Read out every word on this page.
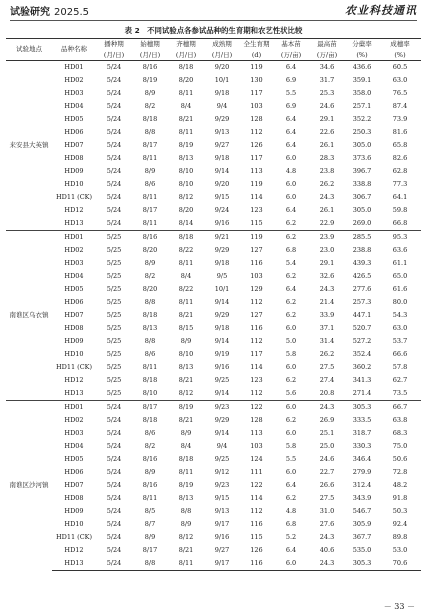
试验研究 2025.5	农业科技通讯
表 2　不同试验点各参试品种的生育期和农艺性状比较
试验地点	品种名称	播种期	始穗期	齐穗期	成熟期	全生育期	基本苗	最高苗	分蘖率	成穗率
		(月/日)	(月/日)	(月/日)	(月/日)	(d)	(万/亩)	(万/亩)	(%)	(%)
来安县大英镇	HD01	5/24	8/16	8/18	9/20	119	6.4	34.6	436.6	60.5
	HD02	5/24	8/19	8/20	10/1	130	6.9	31.7	359.1	63.0
	HD03	5/24	8/9	8/11	9/18	117	5.5	25.3	358.0	76.5
	HD04	5/24	8/2	8/4	9/4	103	6.9	24.6	257.1	87.4
	HD05	5/24	8/18	8/21	9/29	128	6.4	29.1	352.2	73.9
	HD06	5/24	8/8	8/11	9/13	112	6.4	22.6	250.3	81.6
	HD07	5/24	8/17	8/19	9/27	126	6.4	26.1	305.0	65.8
	HD08	5/24	8/11	8/13	9/18	117	6.0	28.3	373.6	82.6
	HD09	5/24	8/9	8/10	9/14	113	4.8	23.8	396.7	62.8
	HD10	5/24	8/6	8/10	9/20	119	6.0	26.2	338.8	77.3
	HD11 (CK)	5/24	8/11	8/12	9/15	114	6.0	24.3	306.7	64.1
	HD12	5/24	8/17	8/20	9/24	123	6.4	26.1	305.0	59.8
	HD13	5/24	8/11	8/14	9/16	115	6.2	22.9	269.0	66.8
南谯区乌衣镇	HD01	5/25	8/16	8/18	9/21	119	6.2	23.9	285.5	95.3
	HD02	5/25	8/20	8/22	9/29	127	6.8	23.0	238.8	63.6
	HD03	5/25	8/9	8/11	9/18	116	5.4	29.1	439.3	61.1
	HD04	5/25	8/2	8/4	9/5	103	6.2	32.6	426.5	65.0
	HD05	5/25	8/20	8/22	10/1	129	6.4	24.3	277.6	61.6
	HD06	5/25	8/8	8/11	9/14	112	6.2	21.4	257.3	80.0
	HD07	5/25	8/18	8/21	9/29	127	6.2	33.9	447.1	54.3
	HD08	5/25	8/13	8/15	9/18	116	6.0	37.1	520.7	63.0
	HD09	5/25	8/8	8/9	9/14	112	5.0	31.4	527.2	53.7
	HD10	5/25	8/6	8/10	9/19	117	5.8	26.2	352.4	66.6
	HD11 (CK)	5/25	8/11	8/13	9/16	114	6.0	27.5	360.2	57.8
	HD12	5/25	8/18	8/21	9/25	123	6.2	27.4	341.3	62.7
	HD13	5/25	8/10	8/12	9/14	112	5.6	20.8	271.4	73.5
南谯区沙河镇	HD01	5/24	8/17	8/19	9/23	122	6.0	24.3	305.3	66.7
	HD02	5/24	8/18	8/21	9/29	128	6.2	26.9	333.5	63.8
	HD03	5/24	8/6	8/9	9/14	113	6.0	25.1	318.7	68.3
	HD04	5/24	8/2	8/4	9/4	103	5.8	25.0	330.3	75.0
	HD05	5/24	8/16	8/18	9/25	124	5.5	24.6	346.4	50.6
	HD06	5/24	8/9	8/11	9/12	111	6.0	22.7	279.9	72.8
	HD07	5/24	8/16	8/19	9/23	122	6.4	26.6	312.4	48.2
	HD08	5/24	8/11	8/13	9/15	114	6.2	27.5	343.9	91.8
	HD09	5/24	8/5	8/8	9/13	112	4.8	31.0	546.7	50.3
	HD10	5/24	8/7	8/9	9/17	116	6.8	27.6	305.9	92.4
	HD11 (CK)	5/24	8/9	8/12	9/16	115	5.2	24.3	367.7	89.8
	HD12	5/24	8/17	8/21	9/27	126	6.4	40.6	535.0	53.0
	HD13	5/24	8/8	8/11	9/17	116	6.0	24.3	305.3	70.6
－ 33 －
